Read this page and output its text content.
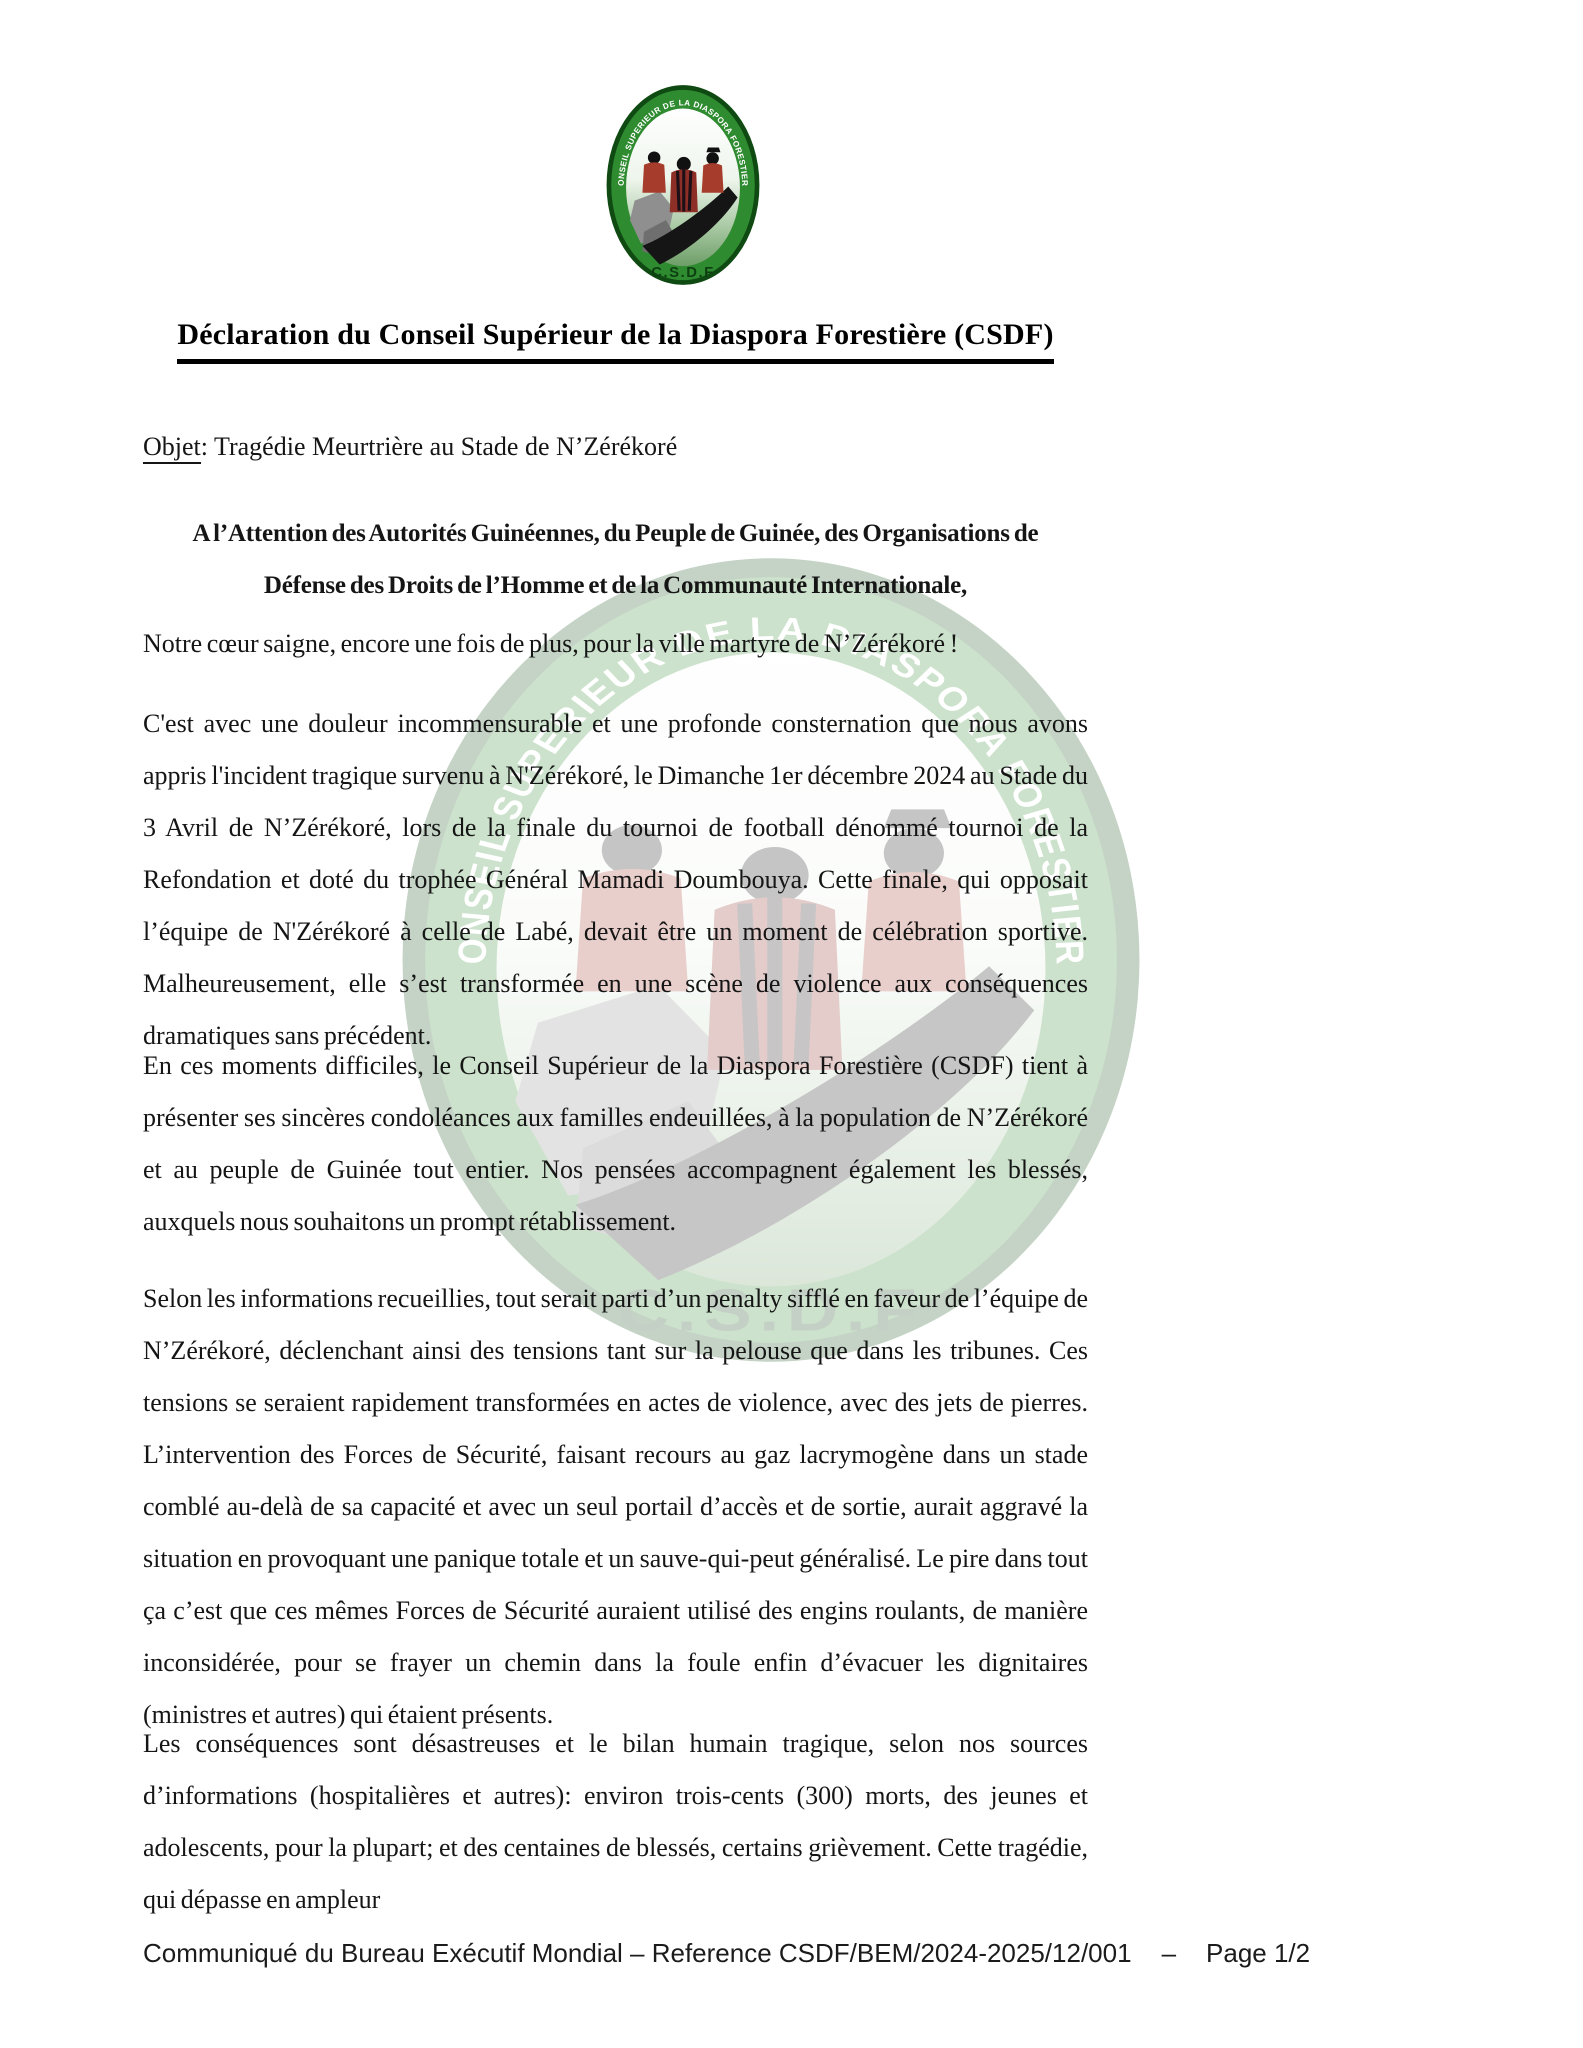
Déclaration du Conseil Supérieur de la Diaspora Forestière (CSDF)
Objet: Tragédie Meurtrière au Stade de N’Zérékoré
A l’Attention des Autorités Guinéennes, du Peuple de Guinée, des Organisations de
Défense des Droits de l’Homme et de la Communauté Internationale,

Notre cœur saigne, encore une fois de plus, pour la ville martyre de N’Zérékoré !

C'est avec une douleur incommensurable et une profonde consternation que nous avons appris l'incident tragique survenu à N'Zérékoré, le Dimanche 1er décembre 2024 au Stade du 3 Avril de N’Zérékoré, lors de la finale du tournoi de football dénommé tournoi de la Refondation et doté du trophée Général Mamadi Doumbouya. Cette finale, qui opposait l’équipe de N'Zérékoré à celle de Labé, devait être un moment de célébration sportive. Malheureusement, elle s’est transformée en une scène de violence aux conséquences dramatiques sans précédent.

En ces moments difficiles, le Conseil Supérieur de la Diaspora Forestière (CSDF) tient à présenter ses sincères condoléances aux familles endeuillées, à la population de N’Zérékoré et au peuple de Guinée tout entier. Nos pensées accompagnent également les blessés, auxquels nous souhaitons un prompt rétablissement.

Selon les informations recueillies, tout serait parti d’un penalty sifflé en faveur de l’équipe de N’Zérékoré, déclenchant ainsi des tensions tant sur la pelouse que dans les tribunes. Ces tensions se seraient rapidement transformées en actes de violence, avec des jets de pierres. L’intervention des Forces de Sécurité, faisant recours au gaz lacrymogène dans un stade comblé au-delà de sa capacité et avec un seul portail d’accès et de sortie, aurait aggravé la situation en provoquant une panique totale et un sauve-qui-peut généralisé. Le pire dans tout ça c’est que ces mêmes Forces de Sécurité auraient utilisé des engins roulants, de manière inconsidérée, pour se frayer un chemin dans la foule enfin d’évacuer les dignitaires (ministres et autres) qui étaient présents.

Les conséquences sont désastreuses et le bilan humain tragique, selon nos sources d’informations (hospitalières et autres): environ trois-cents (300) morts, des jeunes et adolescents, pour la plupart; et des centaines de blessés, certains grièvement. Cette tragédie, qui dépasse en ampleur

Communiqué du Bureau Exécutif Mondial – Reference CSDF/BEM/2024-2025/12/001 – Page 1/2
